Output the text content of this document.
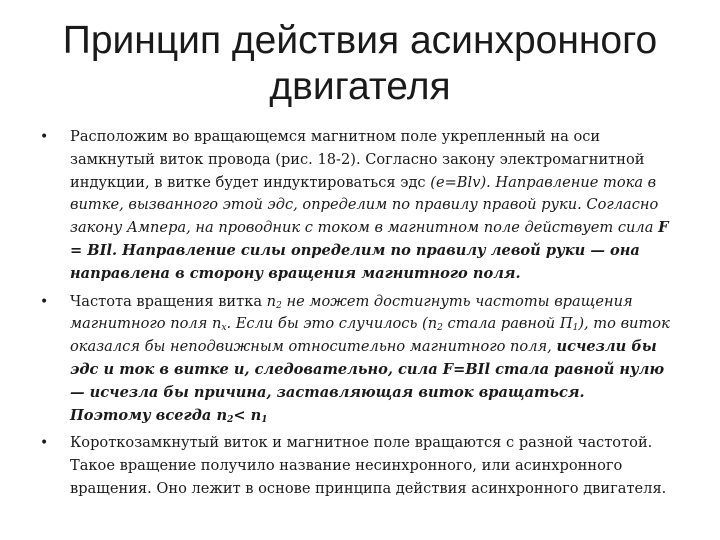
Принцип действия асинхронного
двигателя
• Расположим во вращающемся магнитном поле укрепленный на оси замкнутый виток провода (рис. 18-2). Согласно закону электромагнитной индукции, в витке будет индуктироваться эдс (e=Blv). Направление тока в витке, вызванного этой эдс, определим по правилу правой руки. Согласно закону Ампера, на проводник с током в магнитном поле действует сила F = BIl. Направление силы определим по правилу левой руки — она направлена в сторону вращения магнитного поля.
• Частота вращения витка $n_2$ не может достигнуть частоты вращения магнитного поля $n_x$. Если бы это случилось ($n_2$ стала равной $П_1$), то виток оказался бы неподвижным относительно магнитного поля, исчезли бы эдс и ток в витке и, следовательно, сила F=BIl стала равной нулю — исчезла бы причина, заставляющая виток вращаться. Поэтому всегда $n_2< n_1$
• Короткозамкнутый виток и магнитное поле вращаются с разной частотой. Такое вращение получило название несинхронного, или асинхронного вращения. Оно лежит в основе принципа действия асинхронного двигателя.
